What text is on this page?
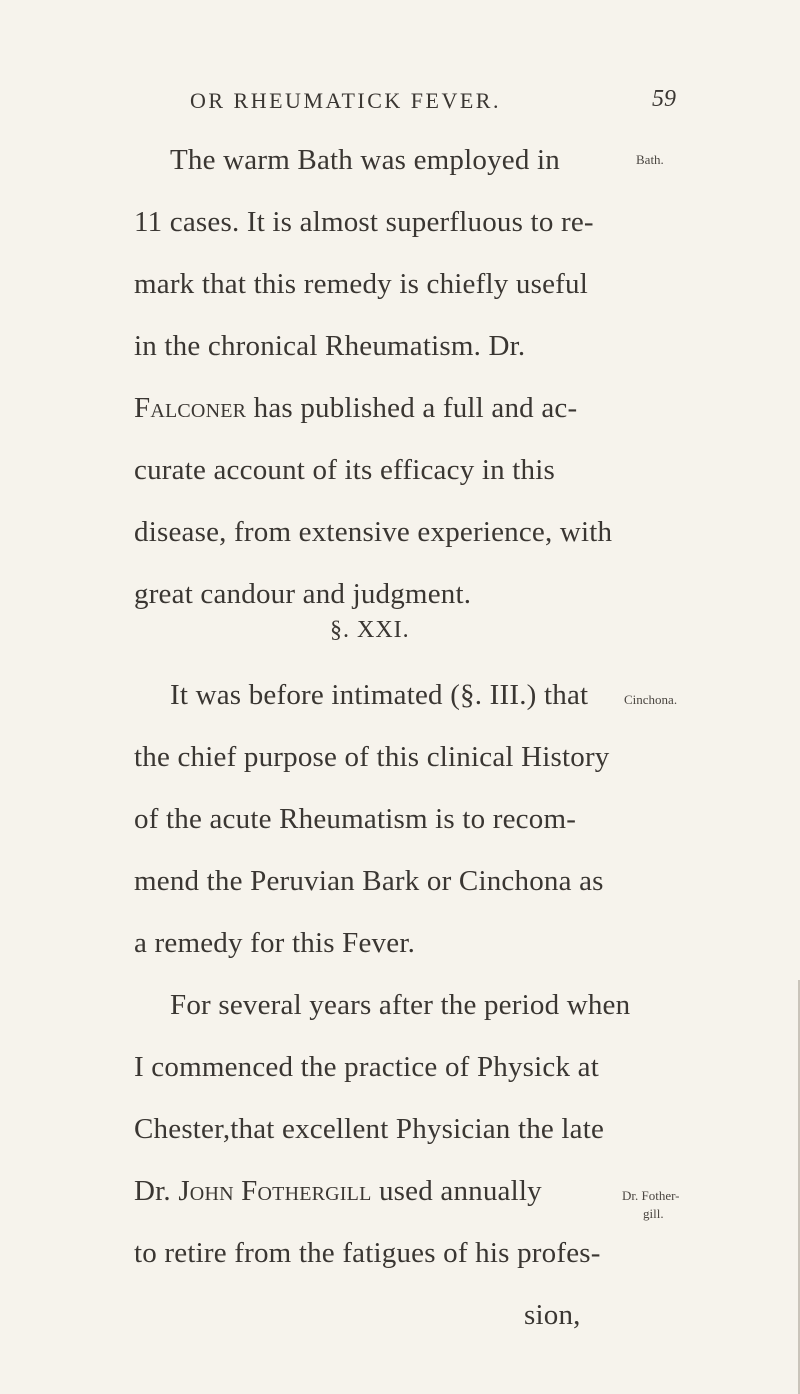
OR RHEUMATICK FEVER.	59
The warm Bath was employed in	Bath.
11 cases. It is almost superfluous to re-
mark that this remedy is chiefly useful
in the chronical Rheumatism. Dr.
Falconer has published a full and ac-
curate account of its efficacy in this
disease, from extensive experience, with
great candour and judgment.
§. XXI.
It was before intimated (§. III.) that	Cinchona.
the chief purpose of this clinical History
of the acute Rheumatism is to recom-
mend the Peruvian Bark or Cinchona as
a remedy for this Fever.
For several years after the period when
I commenced the practice of Physick at
Chester,that excellent Physician the late
Dr. John Fothergill used annually	Dr. Fother-
gill.
to retire from the fatigues of his profes-
sion,
